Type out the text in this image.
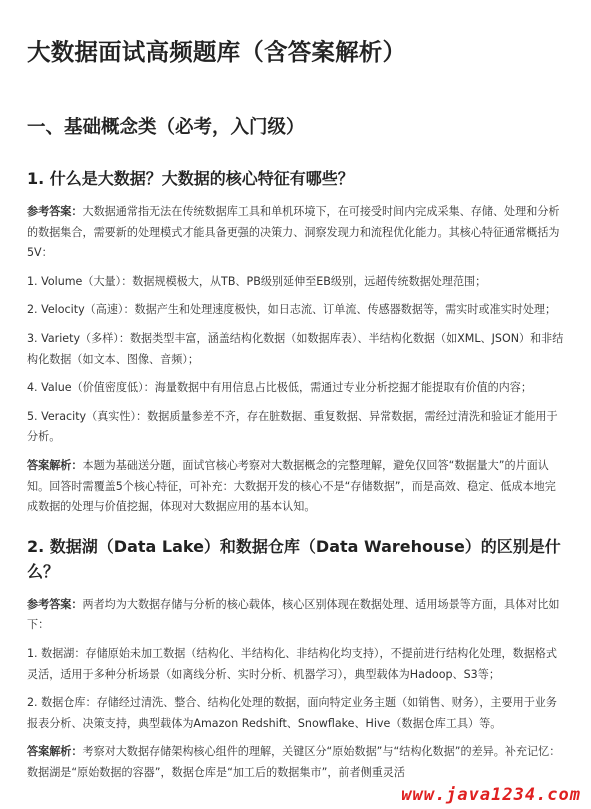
大数据面试高频题库（含答案解析）
一、基础概念类（必考，入门级）
1. 什么是大数据？大数据的核心特征有哪些？

参考答案：大数据通常指无法在传统数据库工具和单机环境下，在可接受时间内完成采集、存储、处理和分析的数据集合，需要新的处理模式才能具备更强的决策力、洞察发现力和流程优化能力。其核心特征通常概括为5V：

1. Volume（大量）：数据规模极大，从TB、PB级别延伸至EB级别，远超传统数据处理范围；

2. Velocity（高速）：数据产生和处理速度极快，如日志流、订单流、传感器数据等，需实时或准实时处理；

3. Variety（多样）：数据类型丰富，涵盖结构化数据（如数据库表）、半结构化数据（如XML、JSON）和非结构化数据（如文本、图像、音频）；

4. Value（价值密度低）：海量数据中有用信息占比极低，需通过专业分析挖掘才能提取有价值的内容；

5. Veracity（真实性）：数据质量参差不齐，存在脏数据、重复数据、异常数据，需经过清洗和验证才能用于分析。

答案解析：本题为基础送分题，面试官核心考察对大数据概念的完整理解，避免仅回答“数据量大”的片面认知。回答时需覆盖5个核心特征，可补充：大数据开发的核心不是“存储数据”，而是高效、稳定、低成本地完成数据的处理与价值挖掘，体现对大数据应用的基本认知。

2. 数据湖（Data Lake）和数据仓库（Data Warehouse）的区别是什么？

参考答案：两者均为大数据存储与分析的核心载体，核心区别体现在数据处理、适用场景等方面，具体对比如下：

1. 数据湖：存储原始未加工数据（结构化、半结构化、非结构化均支持），不提前进行结构化处理，数据格式灵活，适用于多种分析场景（如离线分析、实时分析、机器学习），典型载体为Hadoop、S3等；

2. 数据仓库：存储经过清洗、整合、结构化处理的数据，面向特定业务主题（如销售、财务），主要用于业务报表分析、决策支持，典型载体为Amazon Redshift、Snowflake、Hive（数据仓库工具）等。

答案解析：考察对大数据存储架构核心组件的理解，关键区分“原始数据”与“结构化数据”的差异。补充记忆：数据湖是“原始数据的容器”，数据仓库是“加工后的数据集市”，前者侧重灵活

www.java1234.com
